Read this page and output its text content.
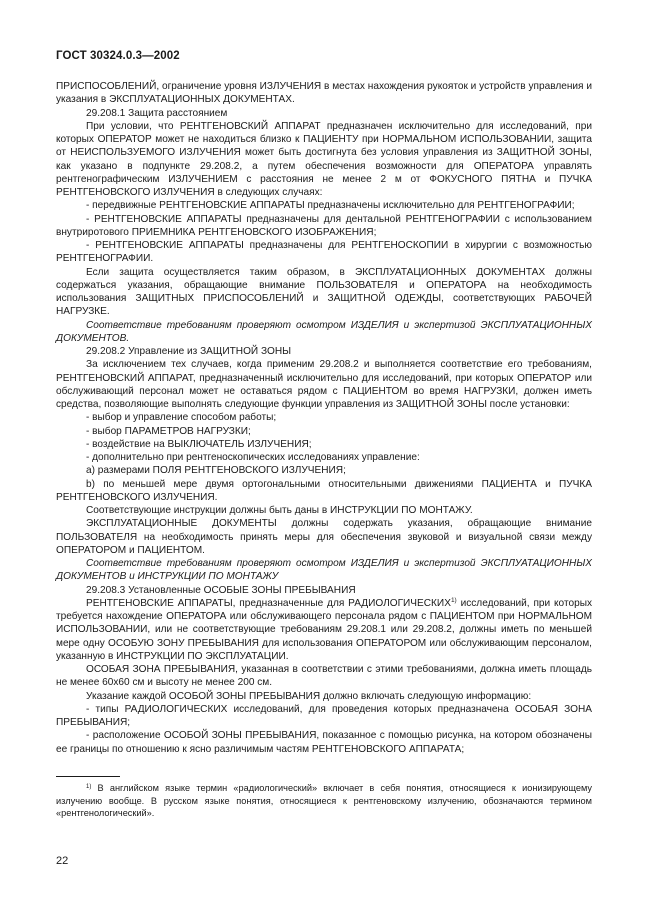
ГОСТ 30324.0.3—2002

ПРИСПОСОБЛЕНИЙ, ограничение уровня ИЗЛУЧЕНИЯ в местах нахождения рукояток и устройств управления и указания в ЭКСПЛУАТАЦИОННЫХ ДОКУМЕНТАХ.

29.208.1 Защита расстоянием

При условии, что РЕНТГЕНОВСКИЙ АППАРАТ предназначен исключительно для исследований, при которых ОПЕРАТОР может не находиться близко к ПАЦИЕНТУ при НОРМАЛЬНОМ ИСПОЛЬЗОВАНИИ, защита от НЕИСПОЛЬЗУЕМОГО ИЗЛУЧЕНИЯ может быть достигнута без условия управления из ЗАЩИТНОЙ ЗОНЫ, как указано в подпункте 29.208.2, а путем обеспечения возможности для ОПЕРАТОРА управлять рентгенографическим ИЗЛУЧЕНИЕМ с расстояния не менее 2 м от ФОКУСНОГО ПЯТНА и ПУЧКА РЕНТГЕНОВСКОГО ИЗЛУЧЕНИЯ в следующих случаях:

- передвижные РЕНТГЕНОВСКИЕ АППАРАТЫ предназначены исключительно для РЕНТГЕНОГРАФИИ;

- РЕНТГЕНОВСКИЕ АППАРАТЫ предназначены для дентальной РЕНТГЕНОГРАФИИ с использованием внутриротового ПРИЕМНИКА РЕНТГЕНОВСКОГО ИЗОБРАЖЕНИЯ;

- РЕНТГЕНОВСКИЕ АППАРАТЫ предназначены для РЕНТГЕНОСКОПИИ в хирургии с возможностью РЕНТГЕНОГРАФИИ.

Если защита осуществляется таким образом, в ЭКСПЛУАТАЦИОННЫХ ДОКУМЕНТАХ должны содержаться указания, обращающие внимание ПОЛЬЗОВАТЕЛЯ и ОПЕРАТОРА на необходимость использования ЗАЩИТНЫХ ПРИСПОСОБЛЕНИЙ и ЗАЩИТНОЙ ОДЕЖДЫ, соответствующих РАБОЧЕЙ НАГРУЗКЕ.

Соответствие требованиям проверяют осмотром ИЗДЕЛИЯ и экспертизой ЭКСПЛУАТАЦИОННЫХ ДОКУМЕНТОВ.

29.208.2 Управление из ЗАЩИТНОЙ ЗОНЫ

За исключением тех случаев, когда применим 29.208.2 и выполняется соответствие его требованиям, РЕНТГЕНОВСКИЙ АППАРАТ, предназначенный исключительно для исследований, при которых ОПЕРАТОР или обслуживающий персонал может не оставаться рядом с ПАЦИЕНТОМ во время НАГРУЗКИ, должен иметь средства, позволяющие выполнять следующие функции управления из ЗАЩИТНОЙ ЗОНЫ после установки:

- выбор и управление способом работы;

- выбор ПАРАМЕТРОВ НАГРУЗКИ;

- воздействие на ВЫКЛЮЧАТЕЛЬ ИЗЛУЧЕНИЯ;

- дополнительно при рентгеноскопических исследованиях управление:

а) размерами ПОЛЯ РЕНТГЕНОВСКОГО ИЗЛУЧЕНИЯ;

b) по меньшей мере двумя ортогональными относительными движениями ПАЦИЕНТА и ПУЧКА РЕНТГЕНОВСКОГО ИЗЛУЧЕНИЯ.

Соответствующие инструкции должны быть даны в ИНСТРУКЦИИ ПО МОНТАЖУ.

ЭКСПЛУАТАЦИОННЫЕ ДОКУМЕНТЫ должны содержать указания, обращающие внимание ПОЛЬЗОВАТЕЛЯ на необходимость принять меры для обеспечения звуковой и визуальной связи между ОПЕРАТОРОМ и ПАЦИЕНТОМ.

Соответствие требованиям проверяют осмотром ИЗДЕЛИЯ и экспертизой ЭКСПЛУАТАЦИОННЫХ ДОКУМЕНТОВ и ИНСТРУКЦИИ ПО МОНТАЖУ

29.208.3 Установленные ОСОБЫЕ ЗОНЫ ПРЕБЫВАНИЯ

РЕНТГЕНОВСКИЕ АППАРАТЫ, предназначенные для РАДИОЛОГИЧЕСКИХ$^{1)}$ исследований, при которых требуется нахождение ОПЕРАТОРА или обслуживающего персонала рядом с ПАЦИЕНТОМ при НОРМАЛЬНОМ ИСПОЛЬЗОВАНИИ, или не соответствующие требованиям 29.208.1 или 29.208.2, должны иметь по меньшей мере одну ОСОБУЮ ЗОНУ ПРЕБЫВАНИЯ для использования ОПЕРАТОРОМ или обслуживающим персоналом, указанную в ИНСТРУКЦИИ ПО ЭКСПЛУАТАЦИИ.

ОСОБАЯ ЗОНА ПРЕБЫВАНИЯ, указанная в соответствии с этими требованиями, должна иметь площадь не менее 60х60 см и высоту не менее 200 см.

Указание каждой ОСОБОЙ ЗОНЫ ПРЕБЫВАНИЯ должно включать следующую информацию:

- типы РАДИОЛОГИЧЕСКИХ исследований, для проведения которых предназначена ОСОБАЯ ЗОНА ПРЕБЫВАНИЯ;

- расположение ОСОБОЙ ЗОНЫ ПРЕБЫВАНИЯ, показанное с помощью рисунка, на котором обозначены ее границы по отношению к ясно различимым частям РЕНТГЕНОВСКОГО АППАРАТА;

$^{1)}$ В английском языке термин «радиологический» включает в себя понятия, относящиеся к ионизирующему излучению вообще. В русском языке понятия, относящиеся к рентгеновскому излучению, обозначаются термином «рентгенологический».

22
